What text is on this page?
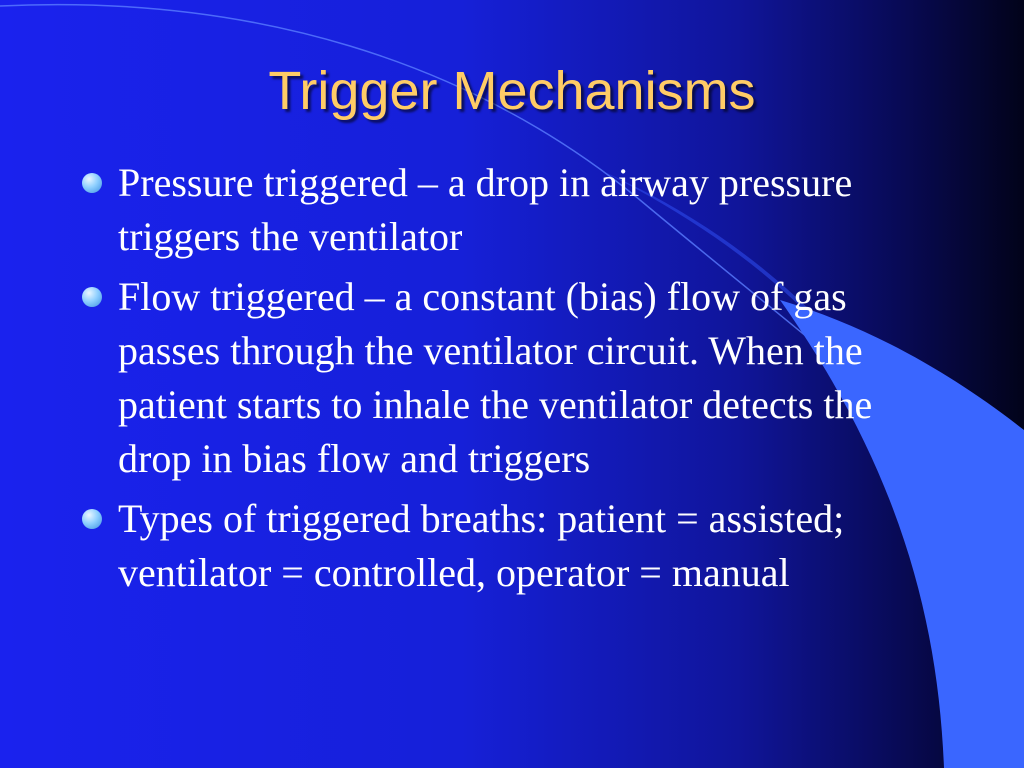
Trigger Mechanisms
Pressure triggered – a drop in airway pressure triggers the ventilator
Flow triggered – a constant (bias) flow of gas passes through the ventilator circuit. When the patient starts to inhale the ventilator detects the drop in bias flow and triggers
Types of triggered breaths: patient = assisted; ventilator = controlled, operator = manual
